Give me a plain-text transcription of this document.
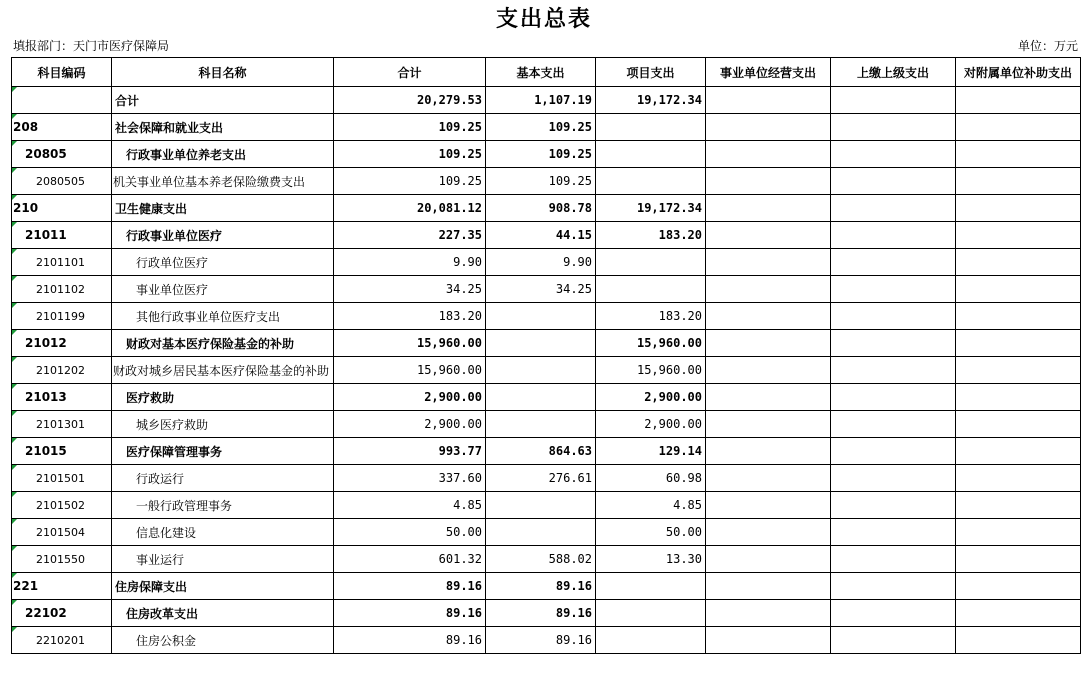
支出总表
填报部门：天门市医疗保障局	单位：万元
科目编码	科目名称	合计	基本支出	项目支出	事业单位经营支出	上缴上级支出	对附属单位补助支出
	合计	20,279.53	1,107.19	19,172.34			
208	社会保障和就业支出	109.25	109.25				
20805	行政事业单位养老支出	109.25	109.25				
2080505	机关事业单位基本养老保险缴费支出	109.25	109.25				
210	卫生健康支出	20,081.12	908.78	19,172.34			
21011	行政事业单位医疗	227.35	44.15	183.20			
2101101	行政单位医疗	9.90	9.90				
2101102	事业单位医疗	34.25	34.25				
2101199	其他行政事业单位医疗支出	183.20		183.20			
21012	财政对基本医疗保险基金的补助	15,960.00		15,960.00			
2101202	财政对城乡居民基本医疗保险基金的补助	15,960.00		15,960.00			
21013	医疗救助	2,900.00		2,900.00			
2101301	城乡医疗救助	2,900.00		2,900.00			
21015	医疗保障管理事务	993.77	864.63	129.14			
2101501	行政运行	337.60	276.61	60.98			
2101502	一般行政管理事务	4.85		4.85			
2101504	信息化建设	50.00		50.00			
2101550	事业运行	601.32	588.02	13.30			
221	住房保障支出	89.16	89.16				
22102	住房改革支出	89.16	89.16				
2210201	住房公积金	89.16	89.16				
